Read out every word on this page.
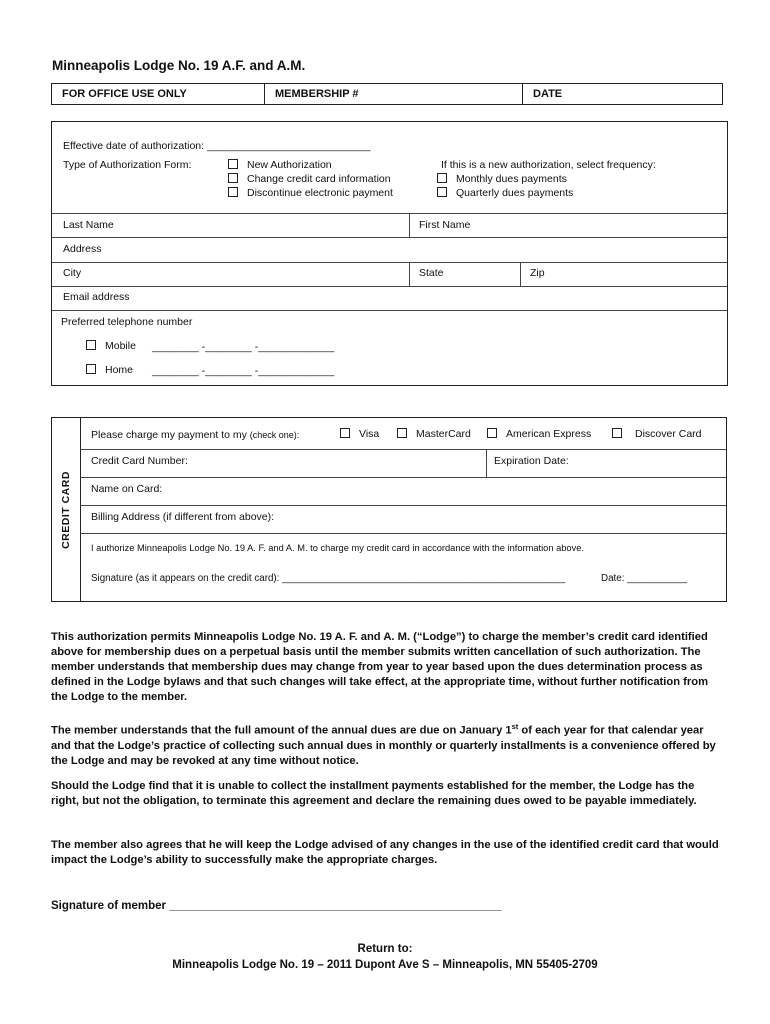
Minneapolis Lodge No. 19 A.F. and A.M.
FOR OFFICE USE ONLY	MEMBERSHIP #	DATE
Effective date of authorization: ____________________________
Type of Authorization Form:	New Authorization
Change credit card information
Discontinue electronic payment
If this is a new authorization, select frequency:
Monthly dues payments
Quarterly dues payments
Last Name	First Name
Address
City	State	Zip
Email address
Preferred telephone number
Mobile ________ -________ -_____________
Home ________ -________ -_____________
CREDIT CARD
Please charge my payment to my (check one):	Visa	MasterCard	American Express	Discover Card
Credit Card Number:	Expiration Date:
Name on Card:
Billing Address (if different from above):
I authorize Minneapolis Lodge No. 19 A. F. and A. M. to charge my credit card in accordance with the information above.
Signature (as it appears on the credit card): ____________________________________________________	Date: ___________
This authorization permits Minneapolis Lodge No. 19 A. F. and A. M. (“Lodge”) to charge the member’s credit card identified above for membership dues on a perpetual basis until the member submits written cancellation of such authorization. The member understands that membership dues may change from year to year based upon the dues determination process as defined in the Lodge bylaws and that such changes will take effect, at the appropriate time, without further notification from the Lodge to the member.
The member understands that the full amount of the annual dues are due on January 1st of each year for that calendar year and that the Lodge’s practice of collecting such annual dues in monthly or quarterly installments is a convenience offered by the Lodge and may be revoked at any time without notice.
Should the Lodge find that it is unable to collect the installment payments established for the member, the Lodge has the right, but not the obligation, to terminate this agreement and declare the remaining dues owed to be payable immediately.
The member also agrees that he will keep the Lodge advised of any changes in the use of the identified credit card that would impact the Lodge’s ability to successfully make the appropriate charges.
Signature of member ____________________________________________________
Return to:
Minneapolis Lodge No. 19 – 2011 Dupont Ave S – Minneapolis, MN 55405-2709
